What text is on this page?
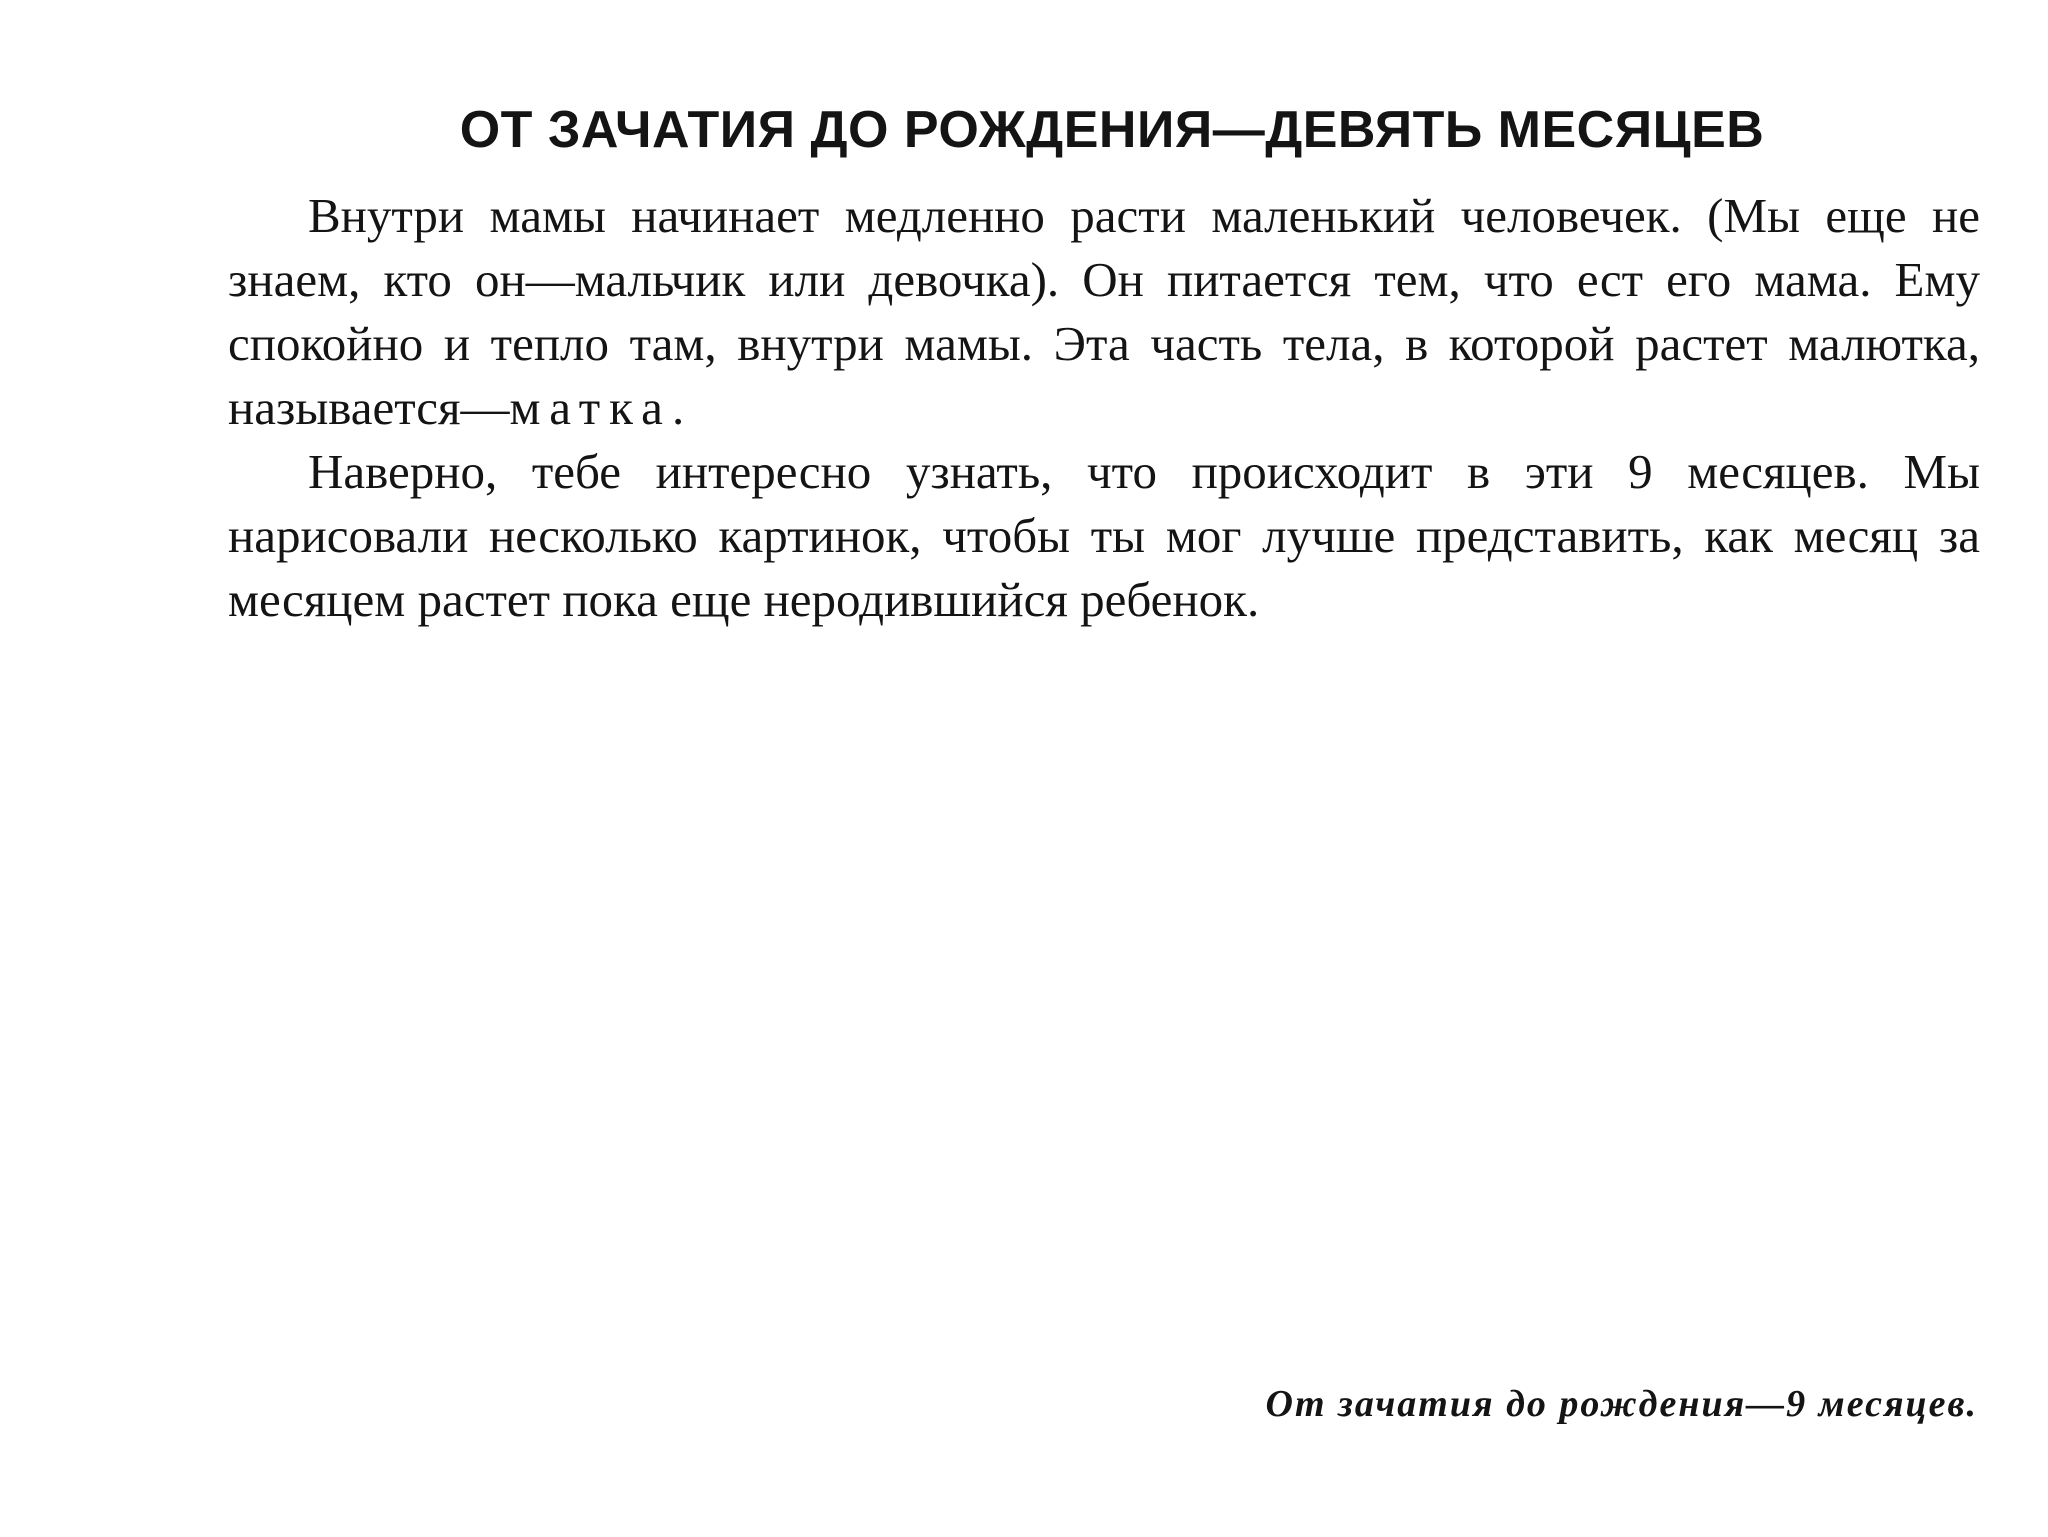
ОТ ЗАЧАТИЯ ДО РОЖДЕНИЯ—ДЕВЯТЬ МЕСЯЦЕВ

Внутри мамы начинает медленно расти маленький человечек. (Мы еще не знаем, кто он—мальчик или девочка). Он питается тем, что ест его мама. Ему спокойно и тепло там, внутри мамы. Эта часть тела, в которой растет малютка, называется—матка.

Наверно, тебе интересно узнать, что происходит в эти 9 месяцев. Мы нарисовали несколько картинок, чтобы ты мог лучше представить, как месяц за месяцем растет пока еще неродившийся ребенок.

От зачатия до рождения—9 месяцев.
